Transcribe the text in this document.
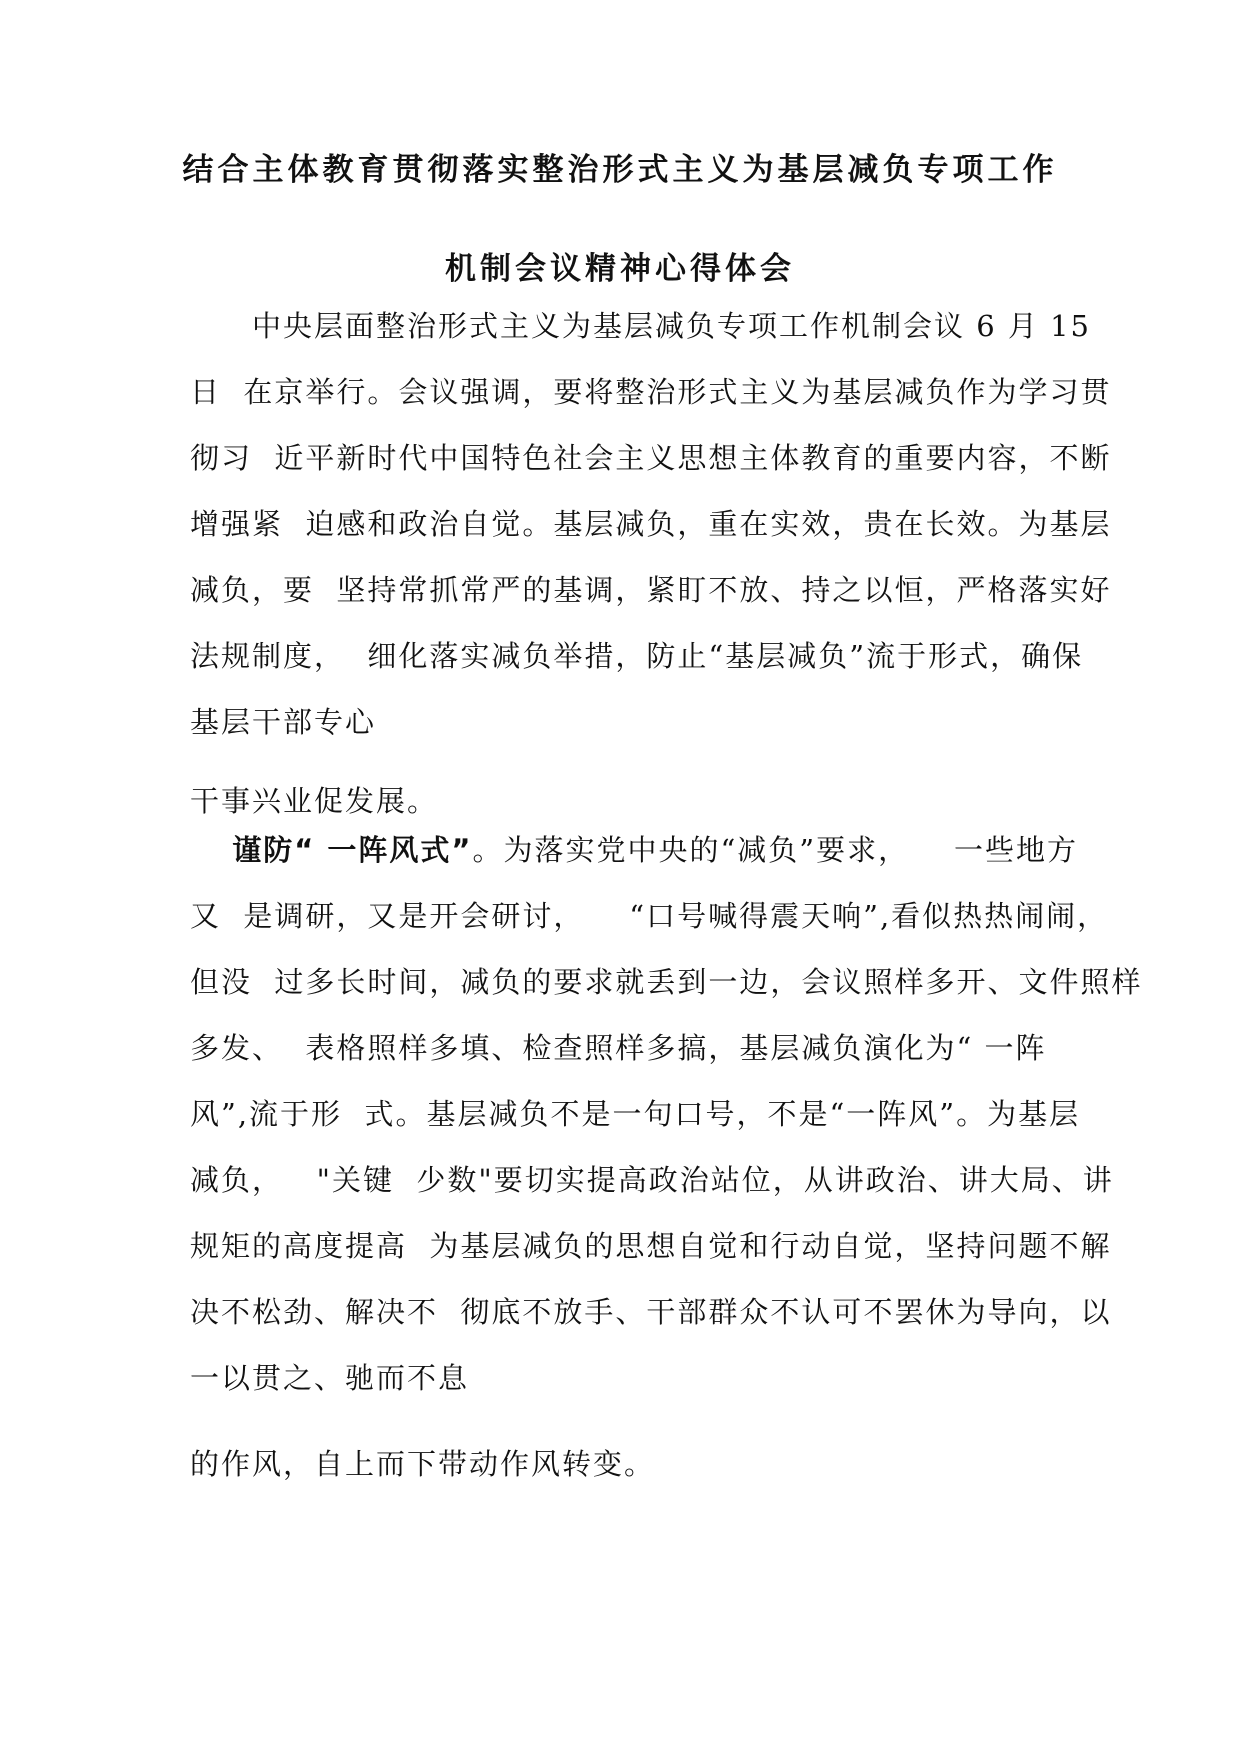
结合主体教育贯彻落实整治形式主义为基层减负专项工作
机制会议精神心得体会
　　中央层面整治形式主义为基层减负专项工作机制会议 6 月 15
日  在京举行。会议强调，要将整治形式主义为基层减负作为学习贯
彻习  近平新时代中国特色社会主义思想主体教育的重要内容，不断
增强紧  迫感和政治自觉。基层减负，重在实效，贵在长效。为基层
减负，要  坚持常抓常严的基调，紧盯不放、持之以恒，严格落实好
法规制度，  细化落实减负举措，防止“基层减负”流于形式，确保
基层干部专心
干事兴业促发展。
　 谨防“ 一阵风式”。为落实党中央的“减负”要求，    一些地方
又  是调研，又是开会研讨，    “口号喊得震天响”,看似热热闹闹，
但没  过多长时间，减负的要求就丢到一边，会议照样多开、文件照样
多发、  表格照样多填、检查照样多搞，基层减负演化为“ 一阵
风”,流于形  式。基层减负不是一句口号，不是“一阵风”。为基层
减负，   "关键  少数"要切实提高政治站位，从讲政治、讲大局、讲
规矩的高度提高  为基层减负的思想自觉和行动自觉，坚持问题不解
决不松劲、解决不  彻底不放手、干部群众不认可不罢休为导向，以
一以贯之、驰而不息
的作风，自上而下带动作风转变。
